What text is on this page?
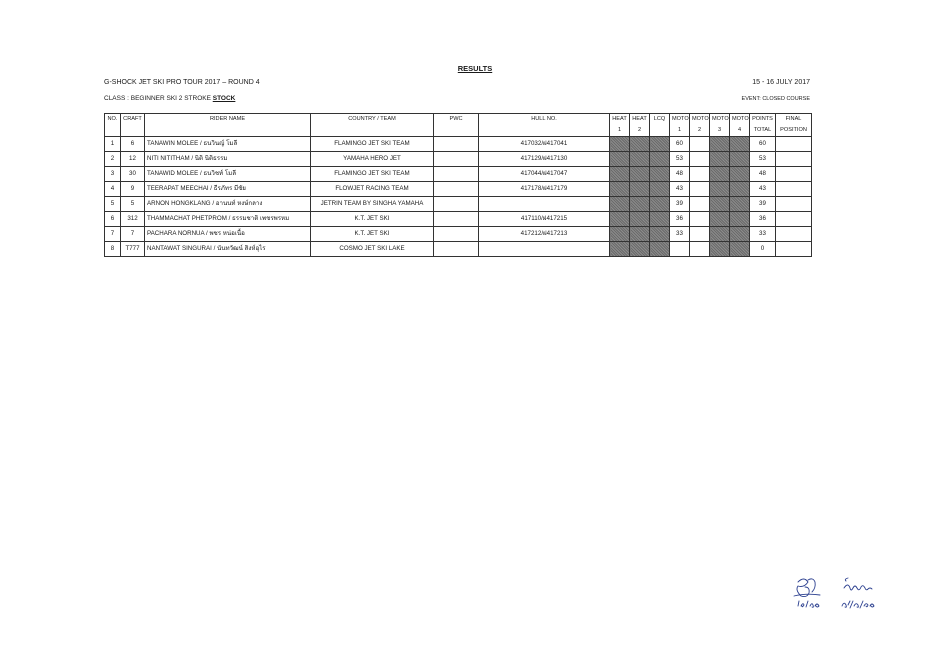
RESULTS
G-SHOCK JET SKI PRO TOUR 2017 – ROUND 4	15 - 16 JULY 2017
CLASS : BEGINNER SKI 2 STROKE STOCK	EVENT: CLOSED COURSE
NO.	CRAFT	RIDER NAME	COUNTRY / TEAM	PWC	HULL NO.	HEAT	HEAT	LCQ	MOTO	MOTO	MOTO	MOTO	POINTS	FINAL
						1	2		1	2	3	4	TOTAL	POSITION
1	6	TANAWIN MOLEE / ธนวินญ์ โมลี	FLAMINGO JET SKI TEAM		417032/ฝ417041				60				60	
2	12	NITI NITITHAM / นิติ นิติธรรม	YAMAHA HERO JET		417129/ฝ417130				53				53	
3	30	TANAWID MOLEE / ธนวิชท์ โมลี	FLAMINGO JET SKI TEAM		417044/ฝ417047				48				48	
4	9	TEERAPAT MEECHAI / ธีรภัทร มีชัย	FLOWJET RACING TEAM		417178/ฝ417179				43				43	
5	5	ARNON HONGKLANG / อานนท์ หงษ์กลาง	JETRIN TEAM BY SINGHA YAMAHA						39				39	
6	312	THAMMACHAT PHETPROM / ธรรมชาติ เพชรพรหม	K.T. JET SKI		417110/ฝ417215				36				36	
7	7	PACHARA NORNUA / พชร หน่อเนื้อ	K.T. JET SKI		417212/ฝ417213				33				33	
8	T777	NANTAWAT SINGURAI / นันทวัฒน์ สิงห์อุไร	COSMO JET SKI LAKE										0	
